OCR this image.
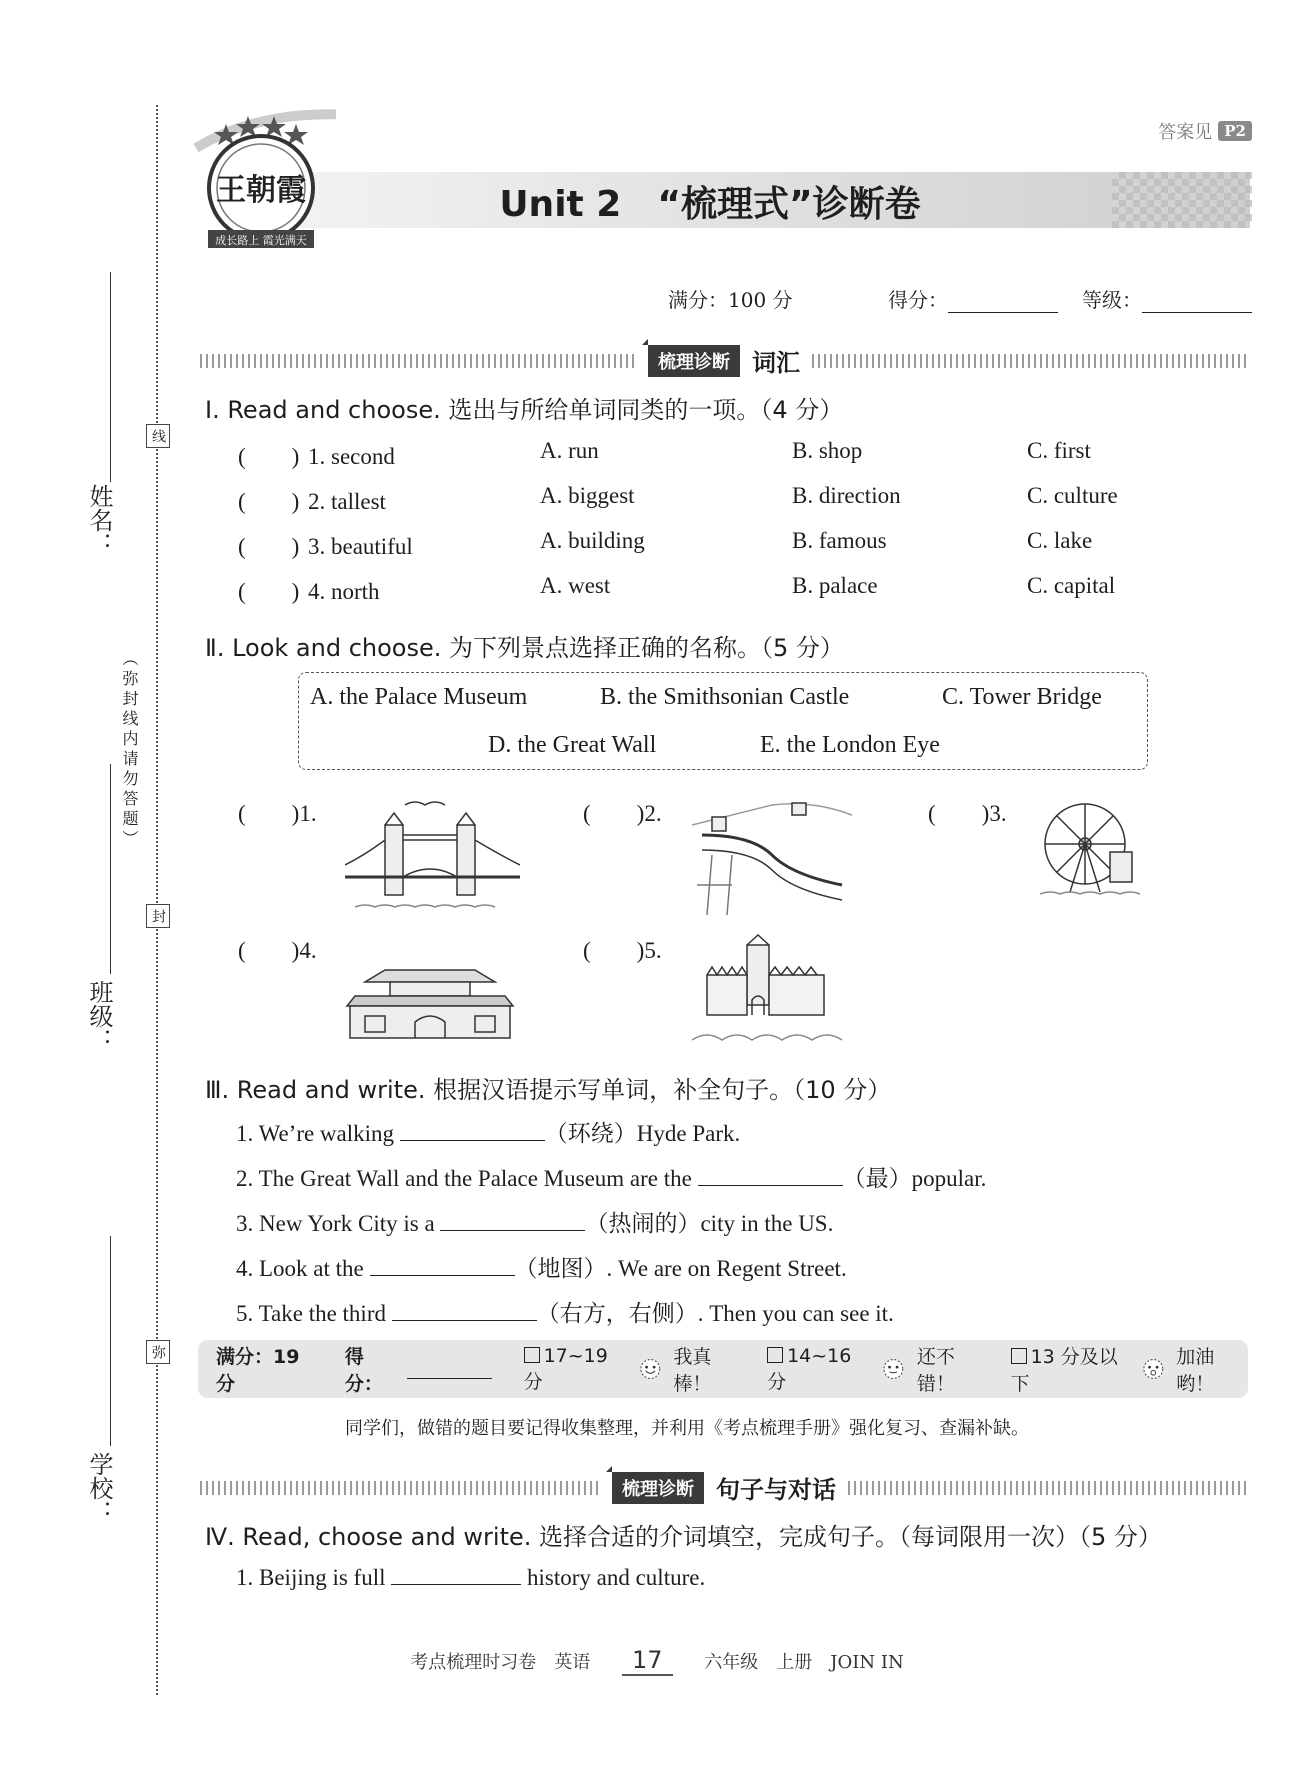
线
封
弥
姓名：
（弥封线内请勿答题）
班级：
学校：
答案见 P2
王朝霞
成长路上 霞光满天
Unit 2　“梳理式”诊断卷
满分：100 分	得分：	等级：
梳理诊断 词汇
Ⅰ. Read and choose. 选出与所给单词同类的一项。（4 分）
(　　) 1. second	A. run	B. shop	C. first
(　　) 2. tallest	A. biggest	B. direction	C. culture
(　　) 3. beautiful	A. building	B. famous	C. lake
(　　) 4. north	A. west	B. palace	C. capital
Ⅱ. Look and choose. 为下列景点选择正确的名称。（5 分）
A. the Palace Museum	B. the Smithsonian Castle	C. Tower Bridge
D. the Great Wall	E. the London Eye
(　　)1.	(　　)2.	(　　)3.
(　　)4.	(　　)5.
Ⅲ. Read and write. 根据汉语提示写单词，补全句子。（10 分）
1. We’re walking	（环绕）Hyde Park.
2. The Great Wall and the Palace Museum are the	（最）popular.
3. New York City is a	（热闹的）city in the US.
4. Look at the	（地图）. We are on Regent Street.
5. Take the third	（右方，右侧）. Then you can see it.
满分：19 分
得分：
17~19 分
我真棒！
14~16 分
还不错！
13 分及以下
加油哟！
同学们，做错的题目要记得收集整理，并利用《考点梳理手册》强化复习、查漏补缺。
梳理诊断 句子与对话
Ⅳ. Read, choose and write. 选择合适的介词填空，完成句子。（每词限用一次）（5 分）
1. Beijing is full	history and culture.
考点梳理时习卷　英语 17 六年级　上册　JOIN IN
